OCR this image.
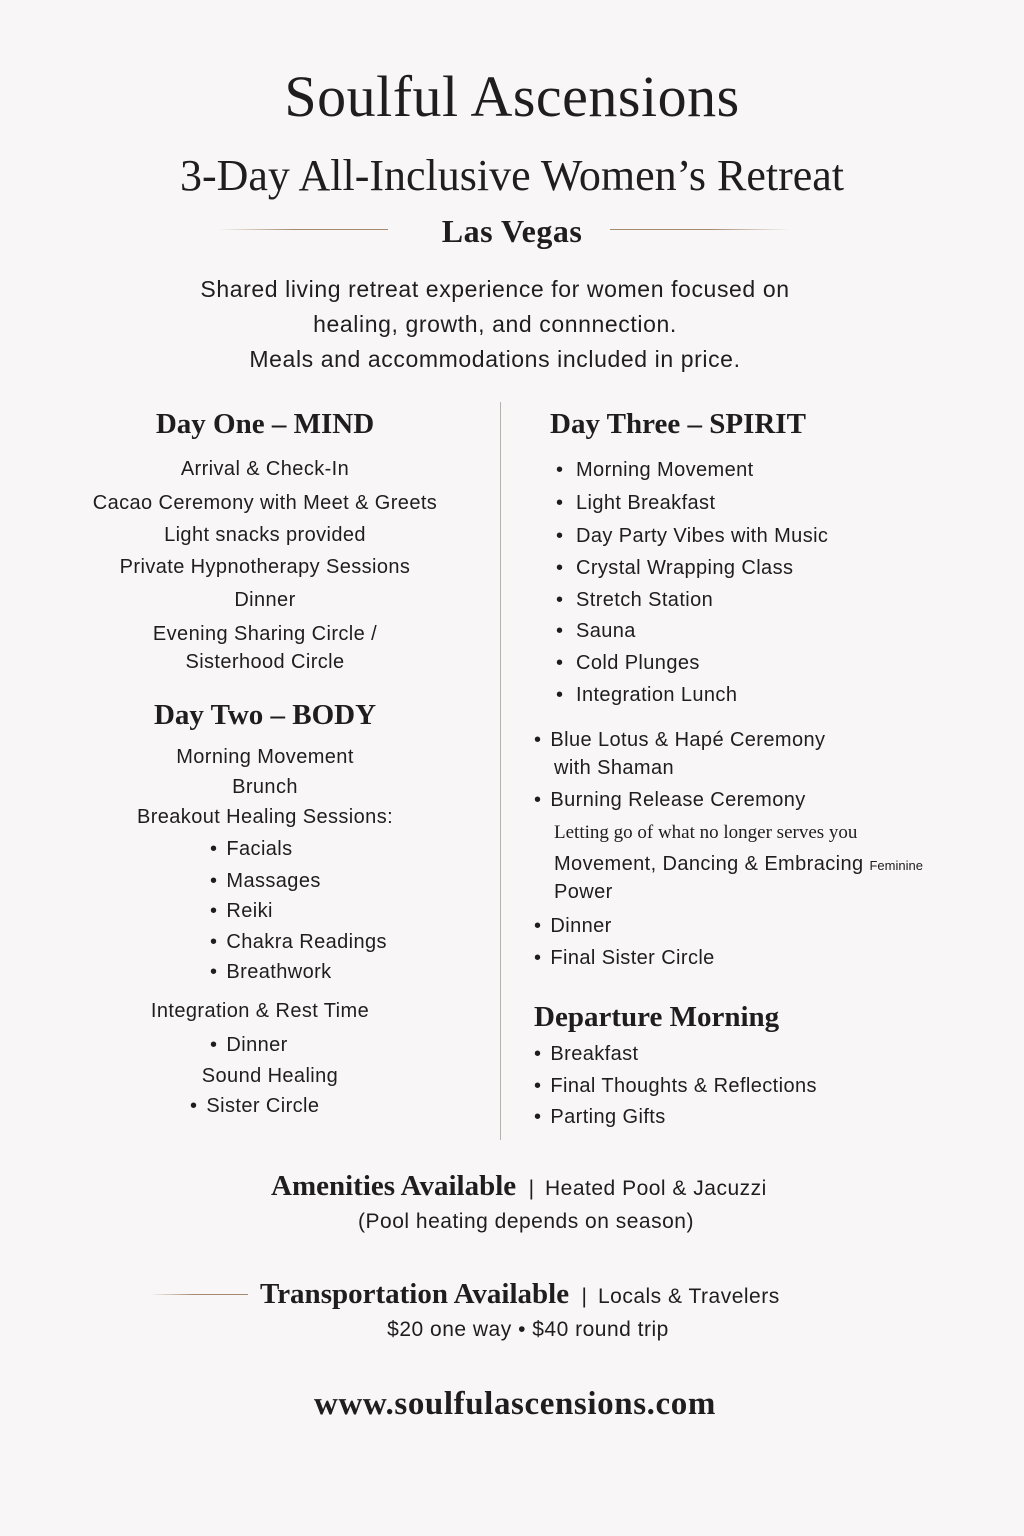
Soulful Ascensions
3-Day All-Inclusive Women’s Retreat
Las Vegas
Shared living retreat experience for women focused on
healing, growth, and connnection.
Meals and accommodations included in price.
Day One – MIND
Arrival & Check-In
Cacao Ceremony with Meet & Greets
Light snacks provided
Private Hypnotherapy Sessions
Dinner
Evening Sharing Circle /
Sisterhood Circle
Day Two – BODY
Morning Movement
Brunch
Breakout Healing Sessions:
• Facials
• Massages
• Reiki
• Chakra Readings
• Breathwork
Integration & Rest Time
• Dinner
Sound Healing
• Sister Circle
Day Three – SPIRIT
• Morning Movement
• Light Breakfast
• Day Party Vibes with Music
• Crystal Wrapping Class
• Stretch Station
• Sauna
• Cold Plunges
• Integration Lunch
• Blue Lotus & Hapé Ceremony
with Shaman
• Burning Release Ceremony
Letting go of what no longer serves you
Movement, Dancing & Embracing Feminine
Power
• Dinner
• Final Sister Circle
Departure Morning
• Breakfast
• Final Thoughts & Reflections
• Parting Gifts
Amenities Available | Heated Pool & Jacuzzi
(Pool heating depends on season)
Transportation Available | Locals & Travelers
$20 one way • $40 round trip
www.soulfulascensions.com
